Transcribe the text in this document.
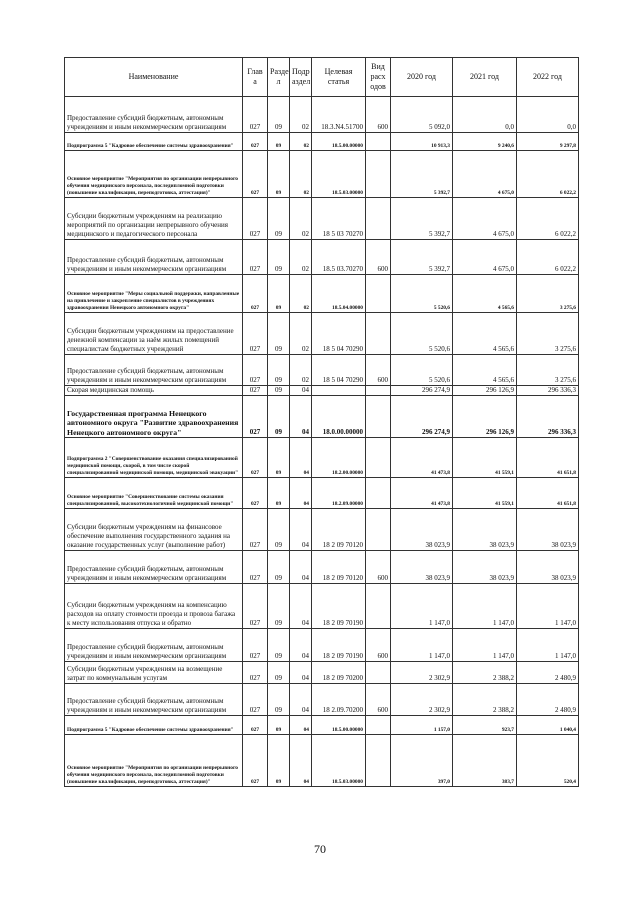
Наименование	Глав а	Разде л	Подр аздел	Целевая статья	Вид расх одов	2020 год	2021 год	2022 год
Предоставление субсидий бюджетным, автономным учреждениям и иным некоммерческим организациям	027	09	02	18.3.N4.51700	600	5 092,0	0,0	0,0
Подпрограмма 5 "Кадровое обеспечение системы здравоохранения"	027	09	02	18.5.00.00000		10 913,3	9 240,6	9 297,8
Основное мероприятие "Мероприятия по организации непрерывного обучения медицинского персонала, последипломной подготовки (повышение квалификации, переподготовка, аттестация)"	027	09	02	18.5.03.00000		5 392,7	4 675,0	6 022,2
Субсидии бюджетным учреждениям на реализацию мероприятий по организации непрерывного обучения медицинского и педагогического персонала	027	09	02	18 5 03 70270		5 392,7	4 675,0	6 022,2
Предоставление субсидий бюджетным, автономным учреждениям и иным некоммерческим организациям	027	09	02	18.5 03.70270	600	5 392,7	4 675,0	6 022,2
Основное мероприятие "Меры социальной поддержки, направленные на привлечение и закрепление специалистов в учреждениях здравоохранения Ненецкого автономного округа"	027	09	02	18.5.04.00000		5 520,6	4 565,6	3 275,6
Субсидии бюджетным учреждениям на предоставление денежной компенсации за наём жилых помещений специалистам бюджетных учреждений	027	09	02	18 5 04 70290		5 520,6	4 565,6	3 275,6
Предоставление субсидий бюджетным, автономным учреждениям и иным некоммерческим организациям	027	09	02	18 5 04 70290	600	5 520,6	4 565,6	3 275,6
Скорая медицинская помощь	027	09	04			296 274,9	296 126,9	296 336,3
Государственная программа Ненецкого автономного округа "Развитие здравоохранения Ненецкого автономного округа"	027	09	04	18.0.00.00000		296 274,9	296 126,9	296 336,3
Подпрограмма 2 "Совершенствование оказания специализированной медицинской помощи, скорой, в том числе скорой специализированной медицинской помощи, медицинской эвакуации"	027	09	04	18.2.00.00000		41 473,8	41 559,1	41 651,8
Основное мероприятие "Совершенствование системы оказания специализированной, высокотехнологичной медицинской помощи"	027	09	04	18.2.09.00000		41 473,8	41 559,1	41 651,8
Субсидии бюджетным учреждениям на финансовое обеспечение выполнения государственного задания на оказание государственных услуг (выполнение работ)	027	09	04	18 2 09 70120		38 023,9	38 023,9	38 023,9
Предоставление субсидий бюджетным, автономным учреждениям и иным некоммерческим организациям	027	09	04	18 2 09 70120	600	38 023,9	38 023,9	38 023,9
Субсидии бюджетным учреждениям на компенсацию расходов на оплату стоимости проезда и провоза багажа к месту использования отпуска и обратно	027	09	04	18 2 09 70190		1 147,0	1 147,0	1 147,0
Предоставление субсидий бюджетным, автономным учреждениям и иным некоммерческим организациям	027	09	04	18 2 09 70190	600	1 147,0	1 147,0	1 147,0
Субсидии бюджетным учреждениям на возмещение затрат по коммунальным услугам	027	09	04	18 2 09 70200		2 302,9	2 388,2	2 480,9
Предоставление субсидий бюджетным, автономным учреждениям и иным некоммерческим организациям	027	09	04	18 2.09.70200	600	2 302,9	2 388,2	2 480,9
Подпрограмма 5 "Кадровое обеспечение системы здравоохранения"	027	09	04	18.5.00.00000		1 157,0	923,7	1 040,4
Основное мероприятие "Мероприятия по организации непрерывного обучения медицинского персонала, последипломной подготовки (повышение квалификации, переподготовка, аттестация)"	027	09	04	18.5.03.00000		397,0	383,7	520,4
70
